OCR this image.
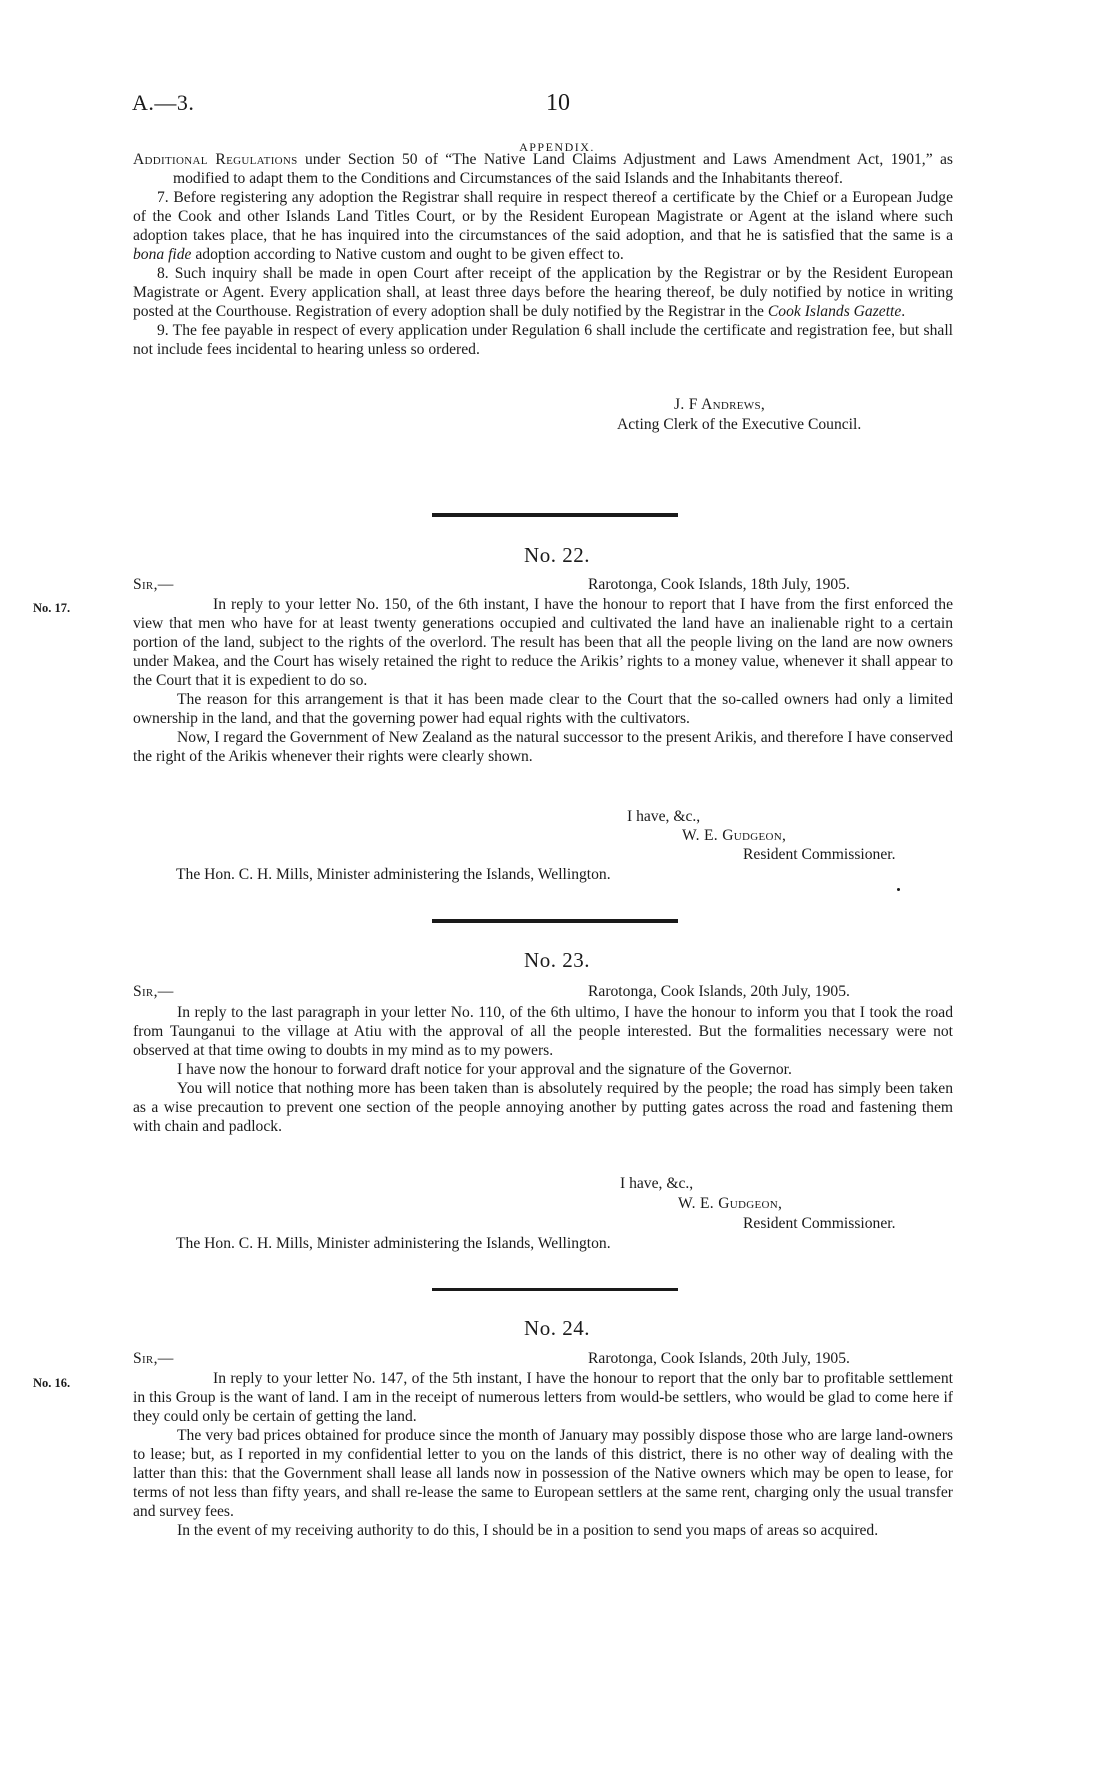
A.—3.	10
APPENDIX.

Additional Regulations under Section 50 of “The Native Land Claims Adjustment and Laws Amendment Act, 1901,” as modified to adapt them to the Conditions and Circumstances of the said Islands and the Inhabitants thereof.

7. Before registering any adoption the Registrar shall require in respect thereof a certificate by the Chief or a European Judge of the Cook and other Islands Land Titles Court, or by the Resident European Magistrate or Agent at the island where such adoption takes place, that he has inquired into the circumstances of the said adoption, and that he is satisfied that the same is a bona fide adoption according to Native custom and ought to be given effect to.

8. Such inquiry shall be made in open Court after receipt of the application by the Registrar or by the Resident European Magistrate or Agent. Every application shall, at least three days before the hearing thereof, be duly notified by notice in writing posted at the Courthouse. Registration of every adoption shall be duly notified by the Registrar in the Cook Islands Gazette.

9. The fee payable in respect of every application under Regulation 6 shall include the certificate and registration fee, but shall not include fees incidental to hearing unless so ordered.

J. F Andrews,
Acting Clerk of the Executive Council.
No. 22.
Sir,—	Rarotonga, Cook Islands, 18th July, 1905.
No. 17.	In reply to your letter No. 150, of the 6th instant, I have the honour to report that I have from the first enforced the view that men who have for at least twenty generations occupied and cultivated the land have an inalienable right to a certain portion of the land, subject to the rights of the overlord. The result has been that all the people living on the land are now owners under Makea, and the Court has wisely retained the right to reduce the Arikis’ rights to a money value, whenever it shall appear to the Court that it is expedient to do so.

The reason for this arrangement is that it has been made clear to the Court that the so-called owners had only a limited ownership in the land, and that the governing power had equal rights with the cultivators.

Now, I regard the Government of New Zealand as the natural successor to the present Arikis, and therefore I have conserved the right of the Arikis whenever their rights were clearly shown.

I have, &c.,
W. E. Gudgeon,
Resident Commissioner.
The Hon. C. H. Mills, Minister administering the Islands, Wellington.
No. 23.
Sir,—	Rarotonga, Cook Islands, 20th July, 1905.

In reply to the last paragraph in your letter No. 110, of the 6th ultimo, I have the honour to inform you that I took the road from Taunganui to the village at Atiu with the approval of all the people interested. But the formalities necessary were not observed at that time owing to doubts in my mind as to my powers.

I have now the honour to forward draft notice for your approval and the signature of the Governor.

You will notice that nothing more has been taken than is absolutely required by the people; the road has simply been taken as a wise precaution to prevent one section of the people annoying another by putting gates across the road and fastening them with chain and padlock.

I have, &c.,
W. E. Gudgeon,
Resident Commissioner.
The Hon. C. H. Mills, Minister administering the Islands, Wellington.
No. 24.
Sir,—	Rarotonga, Cook Islands, 20th July, 1905.
No. 16.	In reply to your letter No. 147, of the 5th instant, I have the honour to report that the only bar to profitable settlement in this Group is the want of land. I am in the receipt of numerous letters from would-be settlers, who would be glad to come here if they could only be certain of getting the land.

The very bad prices obtained for produce since the month of January may possibly dispose those who are large land-owners to lease; but, as I reported in my confidential letter to you on the lands of this district, there is no other way of dealing with the latter than this: that the Government shall lease all lands now in possession of the Native owners which may be open to lease, for terms of not less than fifty years, and shall re-lease the same to European settlers at the same rent, charging only the usual transfer and survey fees.

In the event of my receiving authority to do this, I should be in a position to send you maps of areas so acquired.
